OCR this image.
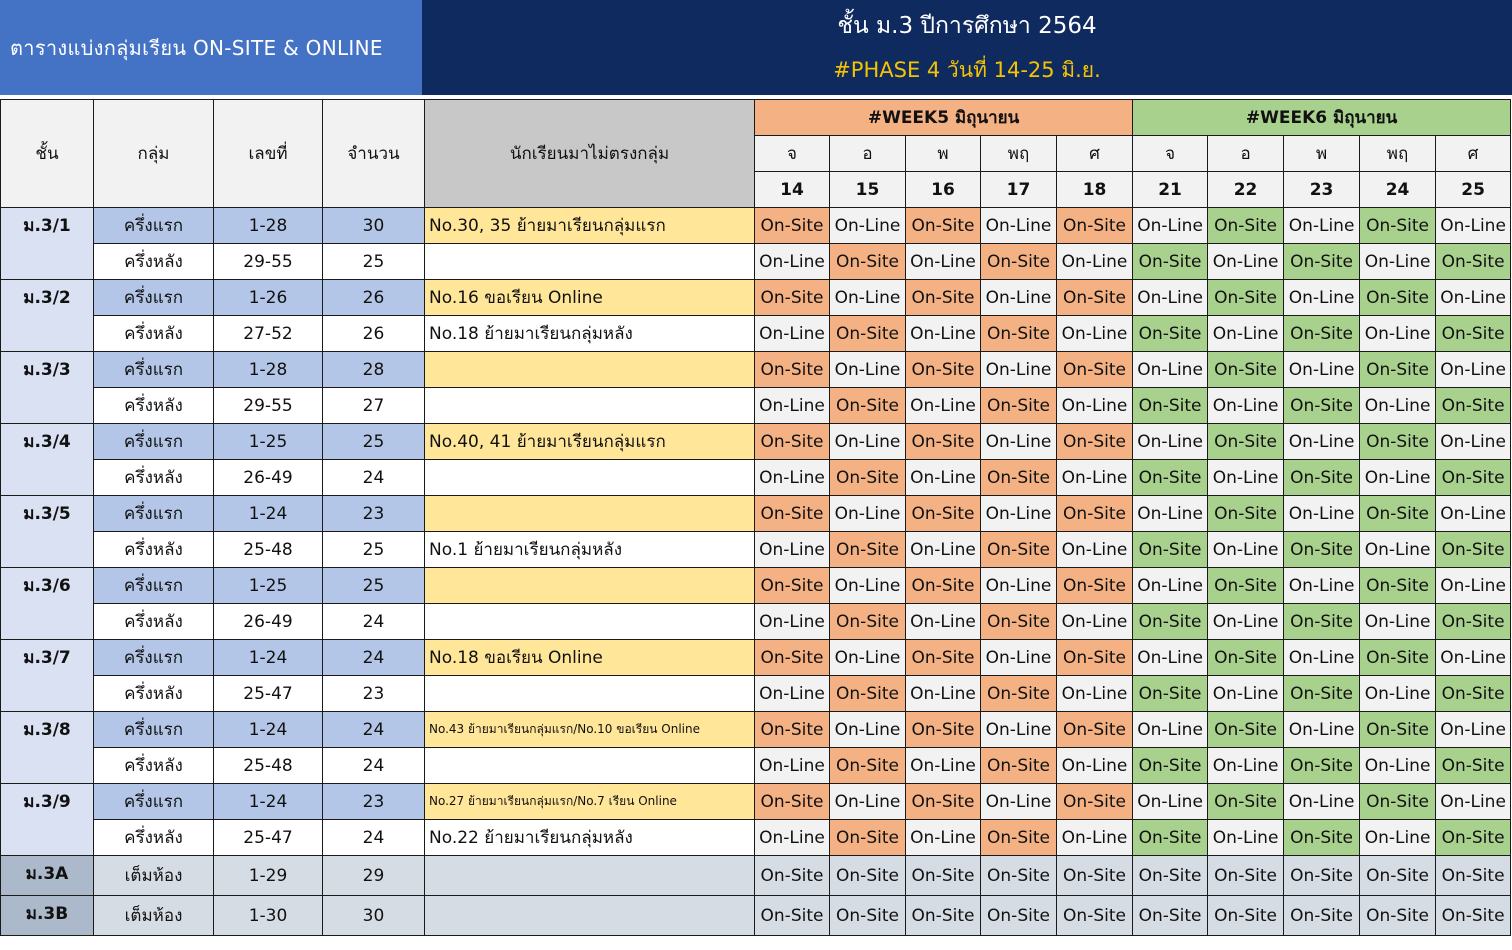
ตารางแบ่งกลุ่มเรียน ON-SITE & ONLINE
ชั้น ม.3 ปีการศึกษา 2564
#PHASE 4 วันที่ 14-25 มิ.ย.
ชั้น	กลุ่ม	เลขที่	จำนวน	นักเรียนมาไม่ตรงกลุ่ม	#WEEK5 มิถุนายน					#WEEK6 มิถุนายน				
					จ	อ	พ	พฤ	ศ	จ	อ	พ	พฤ	ศ
					14	15	16	17	18	21	22	23	24	25
ม.3/1	ครึ่งแรก	1-28	30	No.30, 35 ย้ายมาเรียนกลุ่มแรก	On-Site	On-Line	On-Site	On-Line	On-Site	On-Line	On-Site	On-Line	On-Site	On-Line
	ครึ่งหลัง	29-55	25		On-Line	On-Site	On-Line	On-Site	On-Line	On-Site	On-Line	On-Site	On-Line	On-Site
ม.3/2	ครึ่งแรก	1-26	26	No.16 ขอเรียน Online	On-Site	On-Line	On-Site	On-Line	On-Site	On-Line	On-Site	On-Line	On-Site	On-Line
	ครึ่งหลัง	27-52	26	No.18 ย้ายมาเรียนกลุ่มหลัง	On-Line	On-Site	On-Line	On-Site	On-Line	On-Site	On-Line	On-Site	On-Line	On-Site
ม.3/3	ครึ่งแรก	1-28	28		On-Site	On-Line	On-Site	On-Line	On-Site	On-Line	On-Site	On-Line	On-Site	On-Line
	ครึ่งหลัง	29-55	27		On-Line	On-Site	On-Line	On-Site	On-Line	On-Site	On-Line	On-Site	On-Line	On-Site
ม.3/4	ครึ่งแรก	1-25	25	No.40, 41 ย้ายมาเรียนกลุ่มแรก	On-Site	On-Line	On-Site	On-Line	On-Site	On-Line	On-Site	On-Line	On-Site	On-Line
	ครึ่งหลัง	26-49	24		On-Line	On-Site	On-Line	On-Site	On-Line	On-Site	On-Line	On-Site	On-Line	On-Site
ม.3/5	ครึ่งแรก	1-24	23		On-Site	On-Line	On-Site	On-Line	On-Site	On-Line	On-Site	On-Line	On-Site	On-Line
	ครึ่งหลัง	25-48	25	No.1 ย้ายมาเรียนกลุ่มหลัง	On-Line	On-Site	On-Line	On-Site	On-Line	On-Site	On-Line	On-Site	On-Line	On-Site
ม.3/6	ครึ่งแรก	1-25	25		On-Site	On-Line	On-Site	On-Line	On-Site	On-Line	On-Site	On-Line	On-Site	On-Line
	ครึ่งหลัง	26-49	24		On-Line	On-Site	On-Line	On-Site	On-Line	On-Site	On-Line	On-Site	On-Line	On-Site
ม.3/7	ครึ่งแรก	1-24	24	No.18 ขอเรียน Online	On-Site	On-Line	On-Site	On-Line	On-Site	On-Line	On-Site	On-Line	On-Site	On-Line
	ครึ่งหลัง	25-47	23		On-Line	On-Site	On-Line	On-Site	On-Line	On-Site	On-Line	On-Site	On-Line	On-Site
ม.3/8	ครึ่งแรก	1-24	24	No.43 ย้ายมาเรียนกลุ่มแรก/No.10 ขอเรียน Online	On-Site	On-Line	On-Site	On-Line	On-Site	On-Line	On-Site	On-Line	On-Site	On-Line
	ครึ่งหลัง	25-48	24		On-Line	On-Site	On-Line	On-Site	On-Line	On-Site	On-Line	On-Site	On-Line	On-Site
ม.3/9	ครึ่งแรก	1-24	23	No.27 ย้ายมาเรียนกลุ่มแรก/No.7 เรียน Online	On-Site	On-Line	On-Site	On-Line	On-Site	On-Line	On-Site	On-Line	On-Site	On-Line
	ครึ่งหลัง	25-47	24	No.22 ย้ายมาเรียนกลุ่มหลัง	On-Line	On-Site	On-Line	On-Site	On-Line	On-Site	On-Line	On-Site	On-Line	On-Site
ม.3A	เต็มห้อง	1-29	29		On-Site	On-Site	On-Site	On-Site	On-Site	On-Site	On-Site	On-Site	On-Site	On-Site
ม.3B	เต็มห้อง	1-30	30		On-Site	On-Site	On-Site	On-Site	On-Site	On-Site	On-Site	On-Site	On-Site	On-Site
